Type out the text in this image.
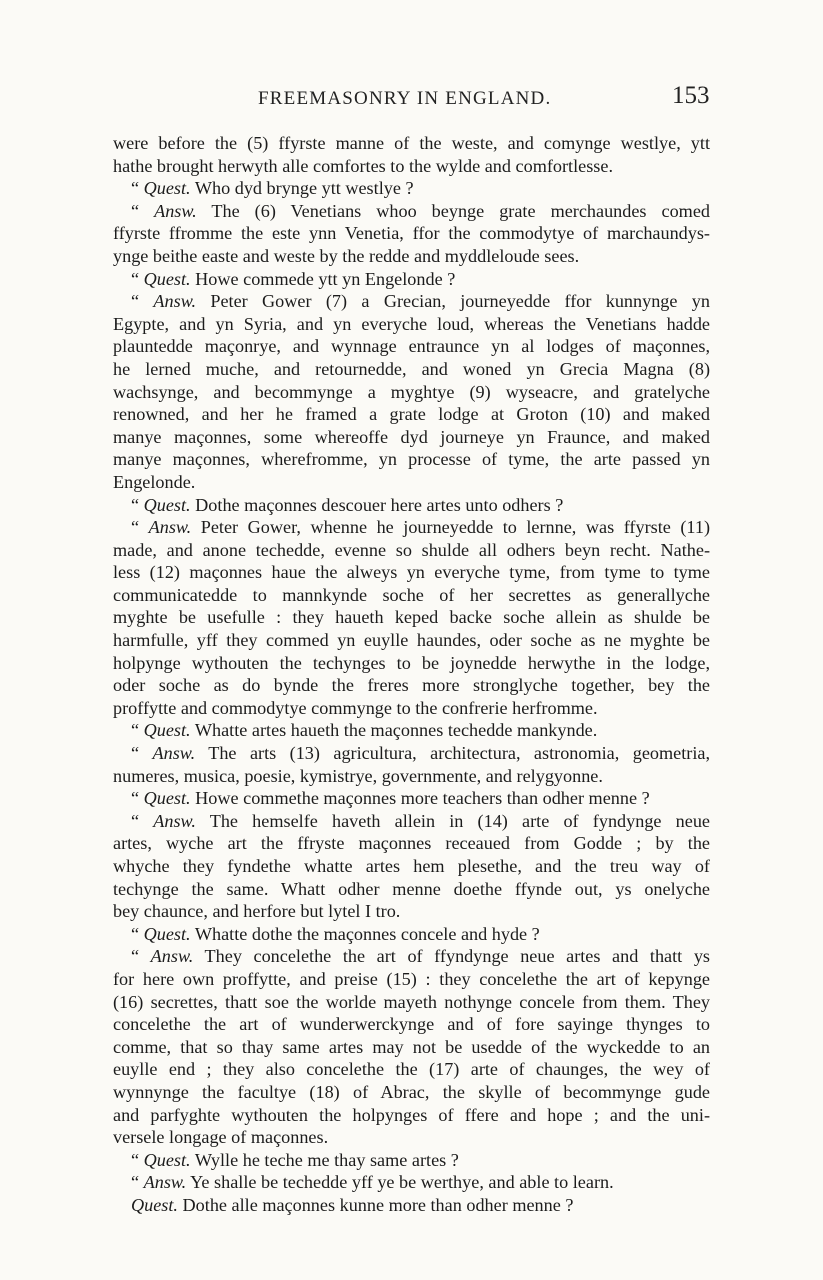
FREEMASONRY IN ENGLAND.	153
were before the (5) ffyrste manne of the weste, and comynge westlye, ytt
hathe brought herwyth alle comfortes to the wylde and comfortlesse.
“ Quest. Who dyd brynge ytt westlye ?
“ Answ. The (6) Venetians whoo beynge grate merchaundes comed
ffyrste ffromme the este ynn Venetia, ffor the commodytye of marchaundys-
ynge beithe easte and weste by the redde and myddleloude sees.
“ Quest. Howe commede ytt yn Engelonde ?
“ Answ. Peter Gower (7) a Grecian, journeyedde ffor kunnynge yn
Egypte, and yn Syria, and yn everyche loud, whereas the Venetians hadde
plauntedde maçonrye, and wynnage entraunce yn al lodges of maçonnes,
he lerned muche, and retournedde, and woned yn Grecia Magna (8)
wachsynge, and becommynge a myghtye (9) wyseacre, and gratelyche
renowned, and her he framed a grate lodge at Groton (10) and maked
manye maçonnes, some whereoffe dyd journeye yn Fraunce, and maked
manye maçonnes, wherefromme, yn processe of tyme, the arte passed yn
Engelonde.
“ Quest. Dothe maçonnes descouer here artes unto odhers ?
“ Answ. Peter Gower, whenne he journeyedde to lernne, was ffyrste (11)
made, and anone techedde, evenne so shulde all odhers beyn recht. Nathe-
less (12) maçonnes haue the alweys yn everyche tyme, from tyme to tyme
communicatedde to mannkynde soche of her secrettes as generallyche
myghte be usefulle : they haueth keped backe soche allein as shulde be
harmfulle, yff they commed yn euylle haundes, oder soche as ne myghte be
holpynge wythouten the techynges to be joynedde herwythe in the lodge,
oder soche as do bynde the freres more stronglyche together, bey the
proffytte and commodytye commynge to the confrerie herfromme.
“ Quest. Whatte artes haueth the maçonnes techedde mankynde.
“ Answ. The arts (13) agricultura, architectura, astronomia, geometria,
numeres, musica, poesie, kymistrye, governmente, and relygyonne.
“ Quest. Howe commethe maçonnes more teachers than odher menne ?
“ Answ. The hemselfe haveth allein in (14) arte of fyndynge neue
artes, wyche art the ffryste maçonnes receaued from Godde ; by the
whyche they fyndethe whatte artes hem plesethe, and the treu way of
techynge the same. Whatt odher menne doethe ffynde out, ys onelyche
bey chaunce, and herfore but lytel I tro.
“ Quest. Whatte dothe the maçonnes concele and hyde ?
“ Answ. They concelethe the art of ffyndynge neue artes and thatt ys
for here own proffytte, and preise (15) : they concelethe the art of kepynge
(16) secrettes, thatt soe the worlde mayeth nothynge concele from them. They
concelethe the art of wunderwerckynge and of fore sayinge thynges to
comme, that so thay same artes may not be usedde of the wyckedde to an
euylle end ; they also concelethe the (17) arte of chaunges, the wey of
wynnynge the facultye (18) of Abrac, the skylle of becommynge gude
and parfyghte wythouten the holpynges of ffere and hope ; and the uni-
versele longage of maçonnes.
“ Quest. Wylle he teche me thay same artes ?
“ Answ. Ye shalle be techedde yff ye be werthye, and able to learn.
Quest. Dothe alle maçonnes kunne more than odher menne ?
